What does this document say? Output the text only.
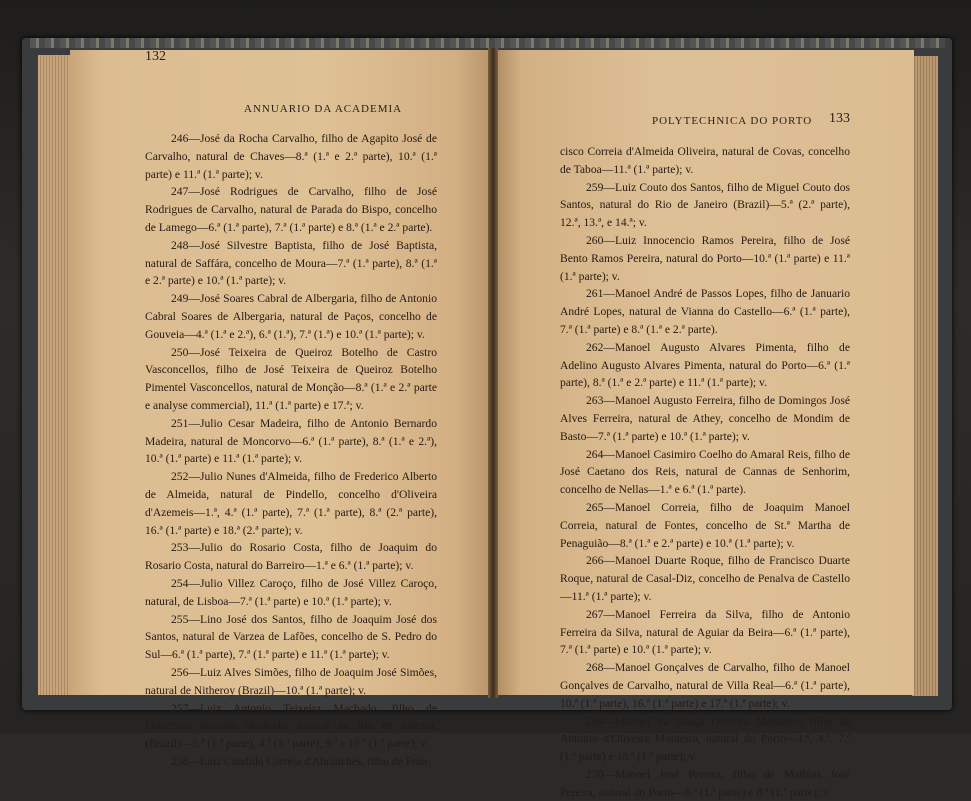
132
ANNUARIO DA ACADEMIA
133
POLYTECHNICA DO PORTO

246—José da Rocha Carvalho, filho de Agapito José de Carvalho, natural de Chaves—8.ª (1.ª e 2.ª parte), 10.ª (1.ª parte) e 11.ª (1.ª parte); v.

247—José Rodrigues de Carvalho, filho de José Rodrigues de Carvalho, natural de Parada do Bispo, concelho de Lamego—6.ª (1.ª parte), 7.ª (1.ª parte) e 8.ª (1.ª e 2.ª parte).

248—José Silvestre Baptista, filho de José Baptista, natural de Saffára, concelho de Moura—7.ª (1.ª parte), 8.ª (1.ª e 2.ª parte) e 10.ª (1.ª parte); v.

249—José Soares Cabral de Albergaria, filho de Antonio Cabral Soares de Albergaria, natural de Paços, concelho de Gouveia—4.ª (1.ª e 2.ª), 6.ª (1.ª), 7.ª (1.ª) e 10.ª (1.ª parte); v.

250—José Teixeira de Queiroz Botelho de Castro Vasconcellos, filho de José Teixeira de Queiroz Botelho Pimentel Vasconcellos, natural de Monção—8.ª (1.ª e 2.ª parte e analyse commercial), 11.ª (1.ª parte) e 17.ª; v.

251—Julio Cesar Madeira, filho de Antonio Bernardo Madeira, natural de Moncorvo—6.ª (1.ª parte), 8.ª (1.ª e 2.ª), 10.ª (1.ª parte) e 11.ª (1.ª parte); v.

252—Julio Nunes d'Almeida, filho de Frederico Alberto de Almeida, natural de Pindello, concelho d'Oliveira d'Azemeis—1.ª, 4.ª (1.ª parte), 7.ª (1.ª parte), 8.ª (2.ª parte), 16.ª (1.ª parte) e 18.ª (2.ª parte); v.

253—Julio do Rosario Costa, filho de Joaquim do Rosario Costa, natural do Barreiro—1.ª e 6.ª (1.ª parte); v.

254—Julio Villez Caroço, filho de José Villez Caroço, natural, de Lisboa—7.ª (1.ª parte) e 10.ª (1.ª parte); v.

255—Lino José dos Santos, filho de Joaquim José dos Santos, natural de Varzea de Lafões, concelho de S. Pedro do Sul—6.ª (1.ª parte), 7.ª (1.ª parte) e 11.ª (1.ª parte); v.

256—Luiz Alves Simões, filho de Joaquim José Simões, natural de Nitheroy (Brazil)—10.ª (1.ª parte); v.

257—Luiz Antonio Teixeira Machado, filho de Francisco Teixeira Machado, natural do Rio de Janeiro, (Brazil)—5.ª (1.ª parte), 4.ª (3.ª parte), 9.ª e 10.ª (1.ª parte); v.

258—Luiz Candido Correia d'Abranches, filho de Fran-

cisco Correia d'Almeida Oliveira, natural de Covas, concelho de Taboa—11.ª (1.ª parte); v.

259—Luiz Couto dos Santos, filho de Miguel Couto dos Santos, natural do Rio de Janeiro (Brazil)—5.ª (2.ª parte), 12.ª, 13.ª, e 14.ª; v.

260—Luiz Innocencio Ramos Pereira, filho de José Bento Ramos Pereira, natural do Porto—10.ª (1.ª parte) e 11.ª (1.ª parte); v.

261—Manoel André de Passos Lopes, filho de Januario André Lopes, natural de Vianna do Castello—6.ª (1.ª parte), 7.ª (1.ª parte) e 8.ª (1.ª e 2.ª parte).

262—Manoel Augusto Alvares Pimenta, filho de Adelino Augusto Alvares Pimenta, natural do Porto—6.ª (1.ª parte), 8.ª (1.ª e 2.ª parte) e 11.ª (1.ª parte); v.

263—Manoel Augusto Ferreira, filho de Domingos José Alves Ferreira, natural de Athey, concelho de Mondim de Basto—7.ª (1.ª parte) e 10.ª (1.ª parte); v.

264—Manoel Casimiro Coelho do Amaral Reis, filho de José Caetano dos Reis, natural de Cannas de Senhorim, concelho de Nellas—1.ª e 6.ª (1.ª parte).

265—Manoel Correia, filho de Joaquim Manoel Correia, natural de Fontes, concelho de St.ª Martha de Penaguião—8.ª (1.ª e 2.ª parte) e 10.ª (1.ª parte); v.

266—Manoel Duarte Roque, filho de Francisco Duarte Roque, natural de Casal-Diz, concelho de Penalva de Castello—11.ª (1.ª parte); v.

267—Manoel Ferreira da Silva, filho de Antonio Ferreira da Silva, natural de Aguiar da Beira—6.ª (1.ª parte), 7.ª (1.ª parte) e 10.ª (1.ª parte); v.

268—Manoel Gonçalves de Carvalho, filho de Manoel Gonçalves de Carvalho, natural de Villa Real—6.ª (1.ª parte), 10.ª (1.ª parte), 16.ª (1.ª parte) e 17.ª (1.ª parte); v.

269—Manoel da Graça Oliveira Monteiro, filho de Antonio d'Oliveira Monteiro, natural do Porto—1.ª, 4.ª, 7.ª (1.ª parte) e 18.ª (1.ª parte); v.

270—Manoel José Pereira, filho de Mathias José Pereira, natural do Porto—6.ª (1.ª parte) e 8.ª (1.ª parte); v.
